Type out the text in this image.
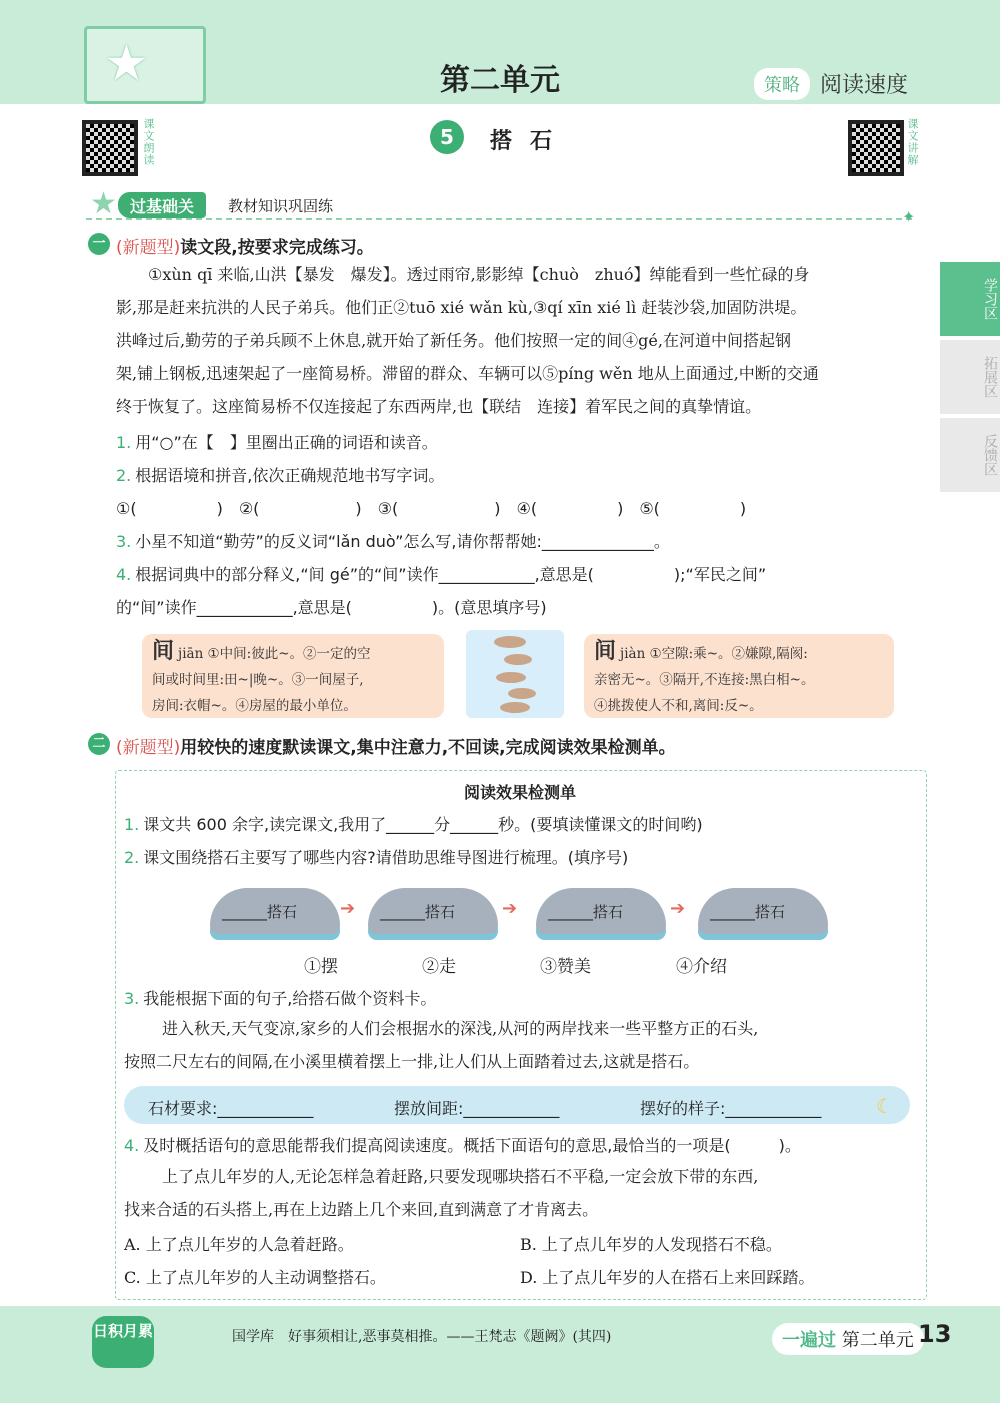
★	第二单元	策略 阅读速度
课文朗读	5	搭石	课文讲解
★ 过基础关	教材知识巩固练
✦
学习区
拓展区
反馈区
一 (新题型)读文段,按要求完成练习。
①xùn qī 来临,山洪【暴发　爆发】。透过雨帘,影影绰【chuò　zhuó】绰能看到一些忙碌的身
影,那是赶来抗洪的人民子弟兵。他们正②tuō xié wǎn kù,③qí xīn xié lì 赶装沙袋,加固防洪堤。
洪峰过后,勤劳的子弟兵顾不上休息,就开始了新任务。他们按照一定的间④gé,在河道中间搭起钢
架,铺上钢板,迅速架起了一座简易桥。滞留的群众、车辆可以⑤píng wěn 地从上面通过,中断的交通
终于恢复了。这座简易桥不仅连接起了东西两岸,也【联结　连接】着军民之间的真挚情谊。
1. 用“○”在【　】里圈出正确的词语和读音。
2. 根据语境和拼音,依次正确规范地书写字词。
①(　　　　　)　②(　　　　　　)　③(　　　　　　)　④(　　　　　)　⑤(　　　　　)
3. 小星不知道“勤劳”的反义词“lǎn duò”怎么写,请你帮帮她:______________。
4. 根据词典中的部分释义,“间 gé”的“间”读作____________,意思是(　　　　　);“军民之间”
的“间”读作____________,意思是(　　　　　)。(意思填序号)
间jiān ①中间:彼此~。②一定的空
间或时间里:田~|晚~。③一间屋子,
房间:衣帽~。④房屋的最小单位。
间jiàn ①空隙:乘~。②嫌隙,隔阂:
亲密无~。③隔开,不连接:黑白相~。
④挑拨使人不和,离间:反~。
二 (新题型)用较快的速度默读课文,集中注意力,不回读,完成阅读效果检测单。
阅读效果检测单
1. 课文共 600 余字,读完课文,我用了______分______秒。(要填读懂课文的时间哟)
2. 课文围绕搭石主要写了哪些内容?请借助思维导图进行梳理。(填序号)
______搭石 ➔ ______搭石	➔ ______搭石	➔ ______搭石
①摆	②走	③赞美	④介绍
3. 我能根据下面的句子,给搭石做个资料卡。
进入秋天,天气变凉,家乡的人们会根据水的深浅,从河的两岸找来一些平整方正的石头,
按照二尺左右的间隔,在小溪里横着摆上一排,让人们从上面踏着过去,这就是搭石。
石材要求:____________	摆放间距:____________	摆好的样子:____________	☾
4. 及时概括语句的意思能帮我们提高阅读速度。概括下面语句的意思,最恰当的一项是(　　　)。
上了点儿年岁的人,无论怎样急着赶路,只要发现哪块搭石不平稳,一定会放下带的东西,
找来合适的石头搭上,再在上边踏上几个来回,直到满意了才肯离去。
A. 上了点儿年岁的人急着赶路。	B. 上了点儿年岁的人发现搭石不稳。
C. 上了点儿年岁的人主动调整搭石。	D. 上了点儿年岁的人在搭石上来回踩踏。
日积月累	国学库　好事须相让,恶事莫相推。——王梵志《题阙》(其四)	一遍过 第二单元 13
